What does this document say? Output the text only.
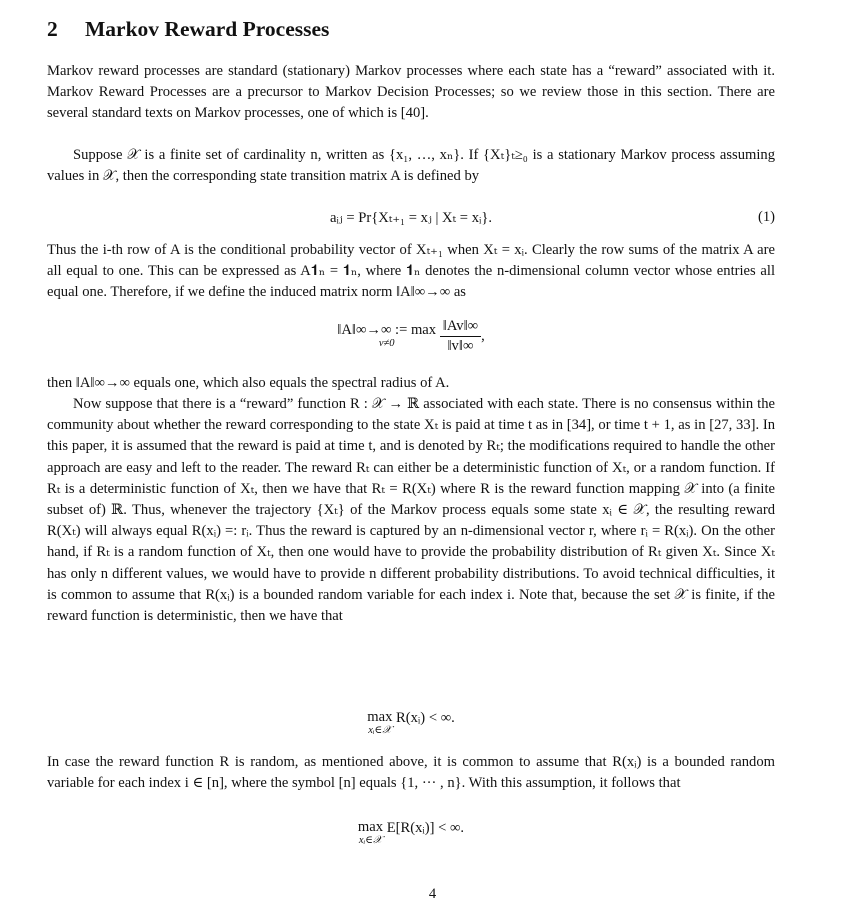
2 Markov Reward Processes

Markov reward processes are standard (stationary) Markov processes where each state has a “reward” associated with it. Markov Reward Processes are a precursor to Markov Decision Processes; so we review those in this section. There are several standard texts on Markov processes, one of which is [40].

Suppose 𝒳 is a finite set of cardinality n, written as {x₁, …, xₙ}. If {Xₜ}ₜ≥₀ is a stationary Markov process assuming values in 𝒳, then the corresponding state transition matrix A is defined by

aᵢⱼ = Pr{Xₜ₊₁ = xⱼ | Xₜ = xᵢ}.	(1)

Thus the i-th row of A is the conditional probability vector of Xₜ₊₁ when Xₜ = xᵢ. Clearly the row sums of the matrix A are all equal to one. This can be expressed as A𝟏ₙ = 𝟏ₙ, where 𝟏ₙ denotes the n-dimensional column vector whose entries all equal one. Therefore, if we define the induced matrix norm ‖A‖∞→∞ as

‖A‖∞→∞ := max
v≠0
	$\frac{‖Av‖\infty}{‖v‖\infty}$ ,

then ‖A‖∞→∞ equals one, which also equals the spectral radius of A.

Now suppose that there is a “reward” function R : 𝒳 → ℝ associated with each state. There is no consensus within the community about whether the reward corresponding to the state Xₜ is paid at time t as in [34], or time t + 1, as in [27, 33]. In this paper, it is assumed that the reward is paid at time t, and is denoted by Rₜ; the modifications required to handle the other approach are easy and left to the reader. The reward Rₜ can either be a deterministic function of Xₜ, or a random function. If Rₜ is a deterministic function of Xₜ, then we have that Rₜ = R(Xₜ) where R is the reward function mapping 𝒳 into (a finite subset of) ℝ. Thus, whenever the trajectory {Xₜ} of the Markov process equals some state xᵢ ∈ 𝒳, the resulting reward R(Xₜ) will always equal R(xᵢ) =: rᵢ. Thus the reward is captured by an n-dimensional vector r, where rᵢ = R(xᵢ). On the other hand, if Rₜ is a random function of Xₜ, then one would have to provide the probability distribution of Rₜ given Xₜ. Since Xₜ has only n different values, we would have to provide n different probability distributions. To avoid technical difficulties, it is common to assume that R(xᵢ) is a bounded random variable for each index i. Note that, because the set 𝒳 is finite, if the reward function is deterministic, then we have that

max
xᵢ∈𝒳
R(xᵢ) < ∞.

In case the reward function R is random, as mentioned above, it is common to assume that R(xᵢ) is a bounded random variable for each index i ∈ [n], where the symbol [n] equals {1, ··· , n}. With this assumption, it follows that

max
xᵢ∈𝒳
E[R(xᵢ)] < ∞.
4
